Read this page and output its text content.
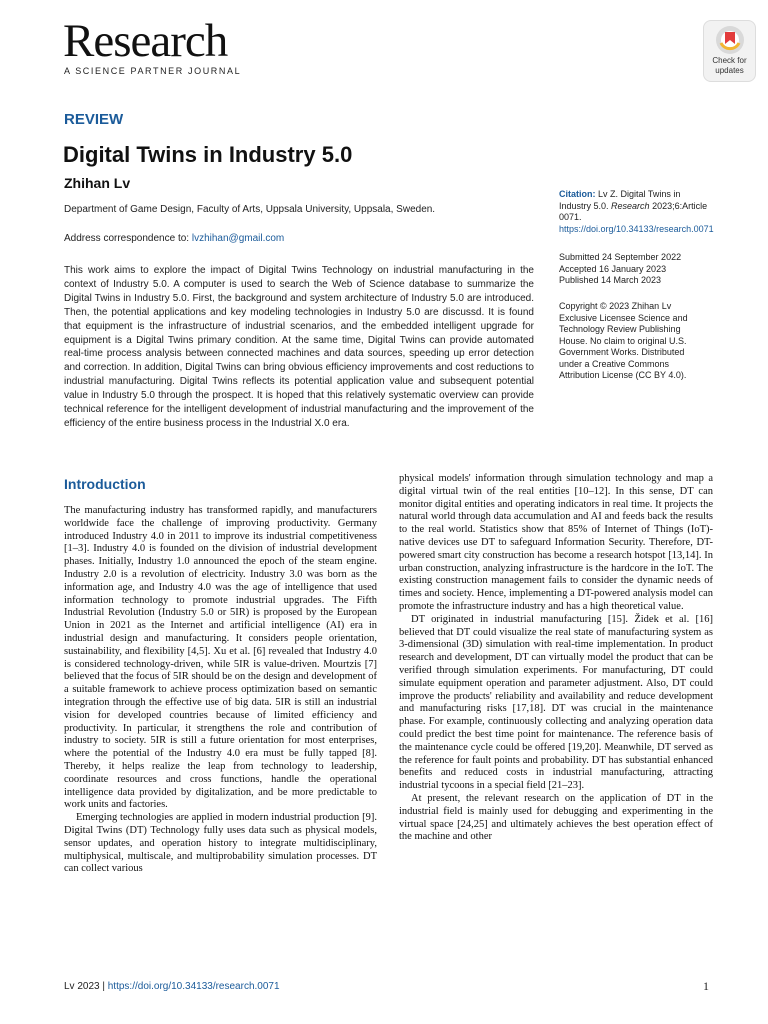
Research
A SCIENCE PARTNER JOURNAL
Check for
updates
REVIEW
Digital Twins in Industry 5.0
Zhihan Lv
Department of Game Design, Faculty of Arts, Uppsala University, Uppsala, Sweden.
Address correspondence to: lvzhihan@gmail.com
This work aims to explore the impact of Digital Twins Technology on industrial manufacturing in the context of Industry 5.0. A computer is used to search the Web of Science database to summarize the Digital Twins in Industry 5.0. First, the background and system architecture of Industry 5.0 are introduced. Then, the potential applications and key modeling technologies in Industry 5.0 are discussd. It is found that equipment is the infrastructure of industrial scenarios, and the embedded intelligent upgrade for equipment is a Digital Twins primary condition. At the same time, Digital Twins can provide automated real-time process analysis between connected machines and data sources, speeding up error detection and correction. In addition, Digital Twins can bring obvious efficiency improvements and cost reductions to industrial manufacturing. Digital Twins reflects its potential application value and subsequent potential value in Industry 5.0 through the prospect. It is hoped that this relatively systematic overview can provide technical reference for the intelligent development of industrial manufacturing and the improvement of the efficiency of the entire business process in the Industrial X.0 era.
Citation: Lv Z. Digital Twins in Industry 5.0. Research 2023;6:Article 0071. https://doi.org/10.34133/research.0071
Submitted 24 September 2022
Accepted 16 January 2023
Published 14 March 2023
Copyright © 2023 Zhihan Lv Exclusive Licensee Science and Technology Review Publishing House. No claim to original U.S. Government Works. Distributed under a Creative Commons Attribution License (CC BY 4.0).
Introduction

The manufacturing industry has transformed rapidly, and manufacturers worldwide face the challenge of improving productivity. Germany introduced Industry 4.0 in 2011 to improve its industrial competitiveness [1–3]. Industry 4.0 is founded on the division of industrial development phases. Initially, Industry 1.0 announced the epoch of the steam engine. Industry 2.0 is a revolution of electricity. Industry 3.0 was born as the information age, and Industry 4.0 was the age of intelligence that used information technology to promote industrial upgrades. The Fifth Industrial Revolution (Industry 5.0 or 5IR) is proposed by the European Union in 2021 as the Internet and artificial intelligence (AI) era in industrial design and manufacturing. It considers people orientation, sustainability, and flexibility [4,5]. Xu et al. [6] revealed that Industry 4.0 is considered technology-driven, while 5IR is value-driven. Mourtzis [7] believed that the focus of 5IR should be on the design and development of a suitable framework to achieve process optimization based on semantic integration through the effective use of big data. 5IR is still an industrial vision for developed countries because of limited efficiency and productivity. In particular, it strengthens the role and contribution of industry to society. 5IR is still a future orientation for most enterprises, where the potential of the Industry 4.0 era must be fully tapped [8]. Thereby, it helps realize the leap from technology to leadership, coordinate resources and cross functions, handle the operational intelligence data provided by digitalization, and be more predictable to work units and factories.

Emerging technologies are applied in modern industrial production [9]. Digital Twins (DT) Technology fully uses data such as physical models, sensor updates, and operation history to integrate multidisciplinary, multiphysical, multiscale, and multiprobability simulation processes. DT can collect various

physical models' information through simulation technology and map a digital virtual twin of the real entities [10–12]. In this sense, DT can monitor digital entities and operating indicators in real time. It projects the natural world through data accumulation and AI and feeds back the results to the real world. Statistics show that 85% of Internet of Things (IoT)-native devices use DT to safeguard Information Security. Therefore, DT-powered smart city construction has become a research hotspot [13,14]. In urban construction, analyzing infrastructure is the hardcore in the IoT. The existing construction management fails to consider the dynamic needs of times and society. Hence, implementing a DT-powered analysis model can promote the infrastructure industry and has a high theoretical value.

DT originated in industrial manufacturing [15]. Židek et al. [16] believed that DT could visualize the real state of manufacturing system as 3-dimensional (3D) simulation with real-time implementation. In product research and development, DT can virtually model the product that can be verified through simulation experiments. For manufacturing, DT could simulate equipment operation and parameter adjustment. Also, DT could improve the products' reliability and availability and reduce development and manufacturing risks [17,18]. DT was crucial in the maintenance phase. For example, continuously collecting and analyzing operation data could predict the best time point for maintenance. The reference basis of the maintenance cycle could be offered [19,20]. Meanwhile, DT served as the reference for fault points and probability. DT has substantial enhanced benefits and reduced costs in industrial manufacturing, attracting industrial tycoons in a special field [21–23].

At present, the relevant research on the application of DT in the industrial field is mainly used for debugging and experimenting in the virtual space [24,25] and ultimately achieves the best operation effect of the machine and other

Lv 2023 | https://doi.org/10.34133/research.0071	1
